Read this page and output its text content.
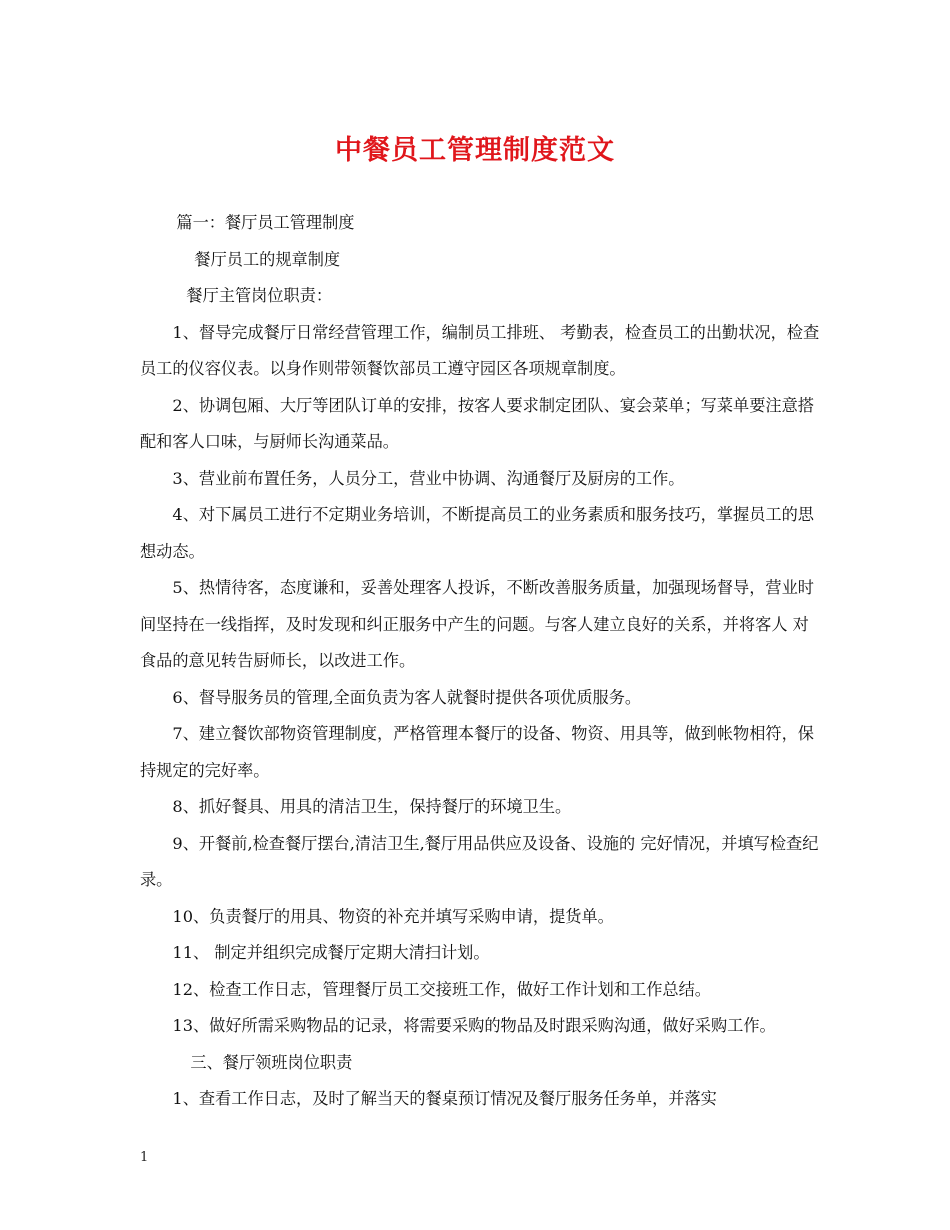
中餐员工管理制度范文

篇一：餐厅员工管理制度

餐厅员工的规章制度

餐厅主管岗位职责：

1、督导完成餐厅日常经营管理工作，编制员工排班、 考勤表，检查员工的出勤状况，检查员工的仪容仪表。以身作则带领餐饮部员工遵守园区各项规章制度。

2、协调包厢、大厅等团队订单的安排，按客人要求制定团队、宴会菜单；写菜单要注意搭配和客人口味，与厨师长沟通菜品。

3、营业前布置任务，人员分工，营业中协调、沟通餐厅及厨房的工作。

4、对下属员工进行不定期业务培训，不断提高员工的业务素质和服务技巧，掌握员工的思想动态。

5、热情待客，态度谦和，妥善处理客人投诉，不断改善服务质量，加强现场督导，营业时间坚持在一线指挥，及时发现和纠正服务中产生的问题。与客人建立良好的关系，并将客人 对食品的意见转告厨师长，以改进工作。

6、督导服务员的管理,全面负责为客人就餐时提供各项优质服务。

7、建立餐饮部物资管理制度，严格管理本餐厅的设备、物资、用具等，做到帐物相符，保持规定的完好率。

8、抓好餐具、用具的清洁卫生，保持餐厅的环境卫生。

9、开餐前,检查餐厅摆台,清洁卫生,餐厅用品供应及设备、设施的 完好情况，并填写检查纪录。

10、负责餐厅的用具、物资的补充并填写采购申请，提货单。

11、 制定并组织完成餐厅定期大清扫计划。

12、检查工作日志，管理餐厅员工交接班工作，做好工作计划和工作总结。

13、做好所需采购物品的记录，将需要采购的物品及时跟采购沟通，做好采购工作。

三、餐厅领班岗位职责

1、查看工作日志，及时了解当天的餐桌预订情况及餐厅服务任务单，并落实

1
